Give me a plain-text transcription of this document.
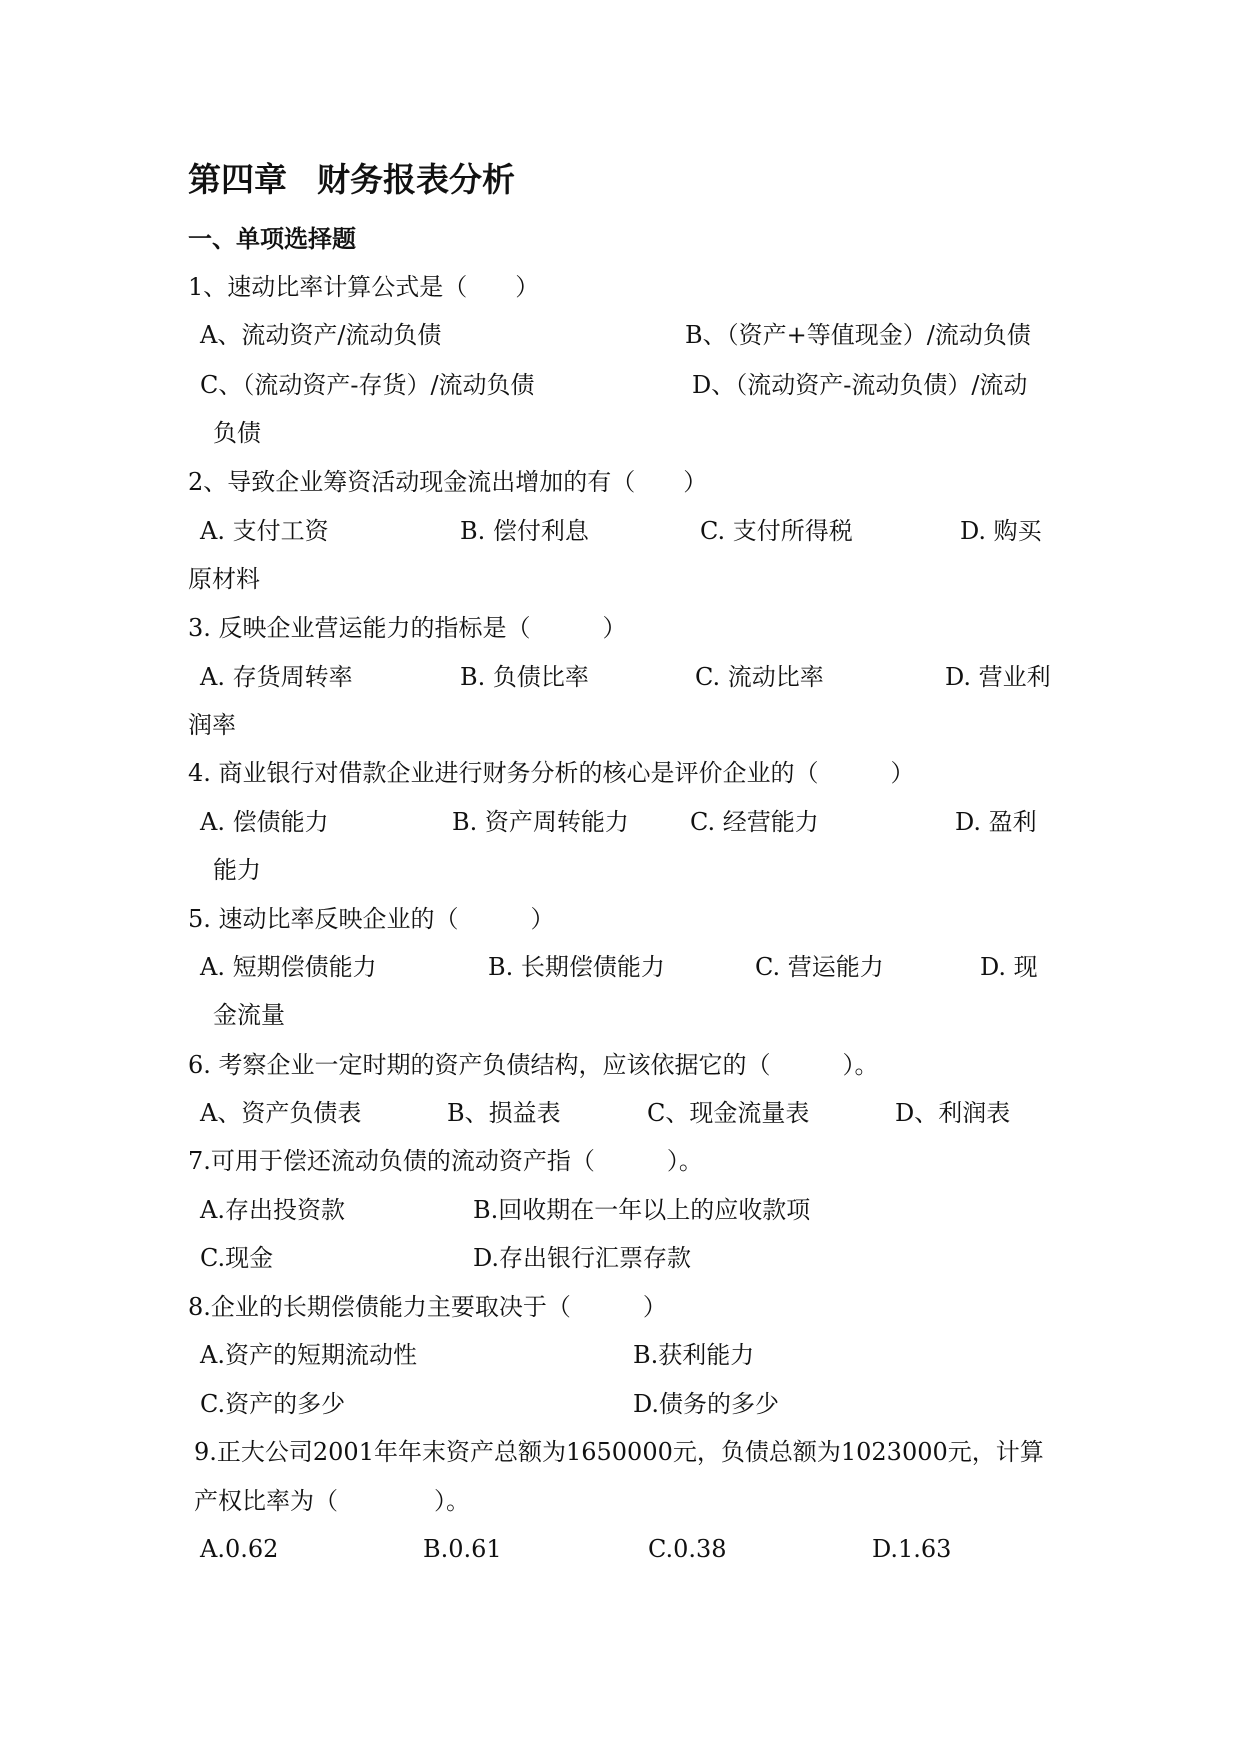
第四章 财务报表分析
一、单项选择题
1、速动比率计算公式是（　　）
A、流动资产/流动负债	B、（资产+等值现金）/流动负债
C、（流动资产-存货）/流动负债	D、（流动资产-流动负债）/流动
负债
2、导致企业筹资活动现金流出增加的有（　　）
A. 支付工资	B. 偿付利息	C. 支付所得税	D. 购买
原材料
3. 反映企业营运能力的指标是（　　　）
A. 存货周转率	B. 负债比率	C. 流动比率	D. 营业利
润率
4. 商业银行对借款企业进行财务分析的核心是评价企业的（　　　）
A. 偿债能力	B. 资产周转能力	C. 经营能力	D. 盈利
能力
5. 速动比率反映企业的（　　　）
A. 短期偿债能力	B. 长期偿债能力	C. 营运能力	D. 现
金流量
6. 考察企业一定时期的资产负债结构，应该依据它的（　　　）。
A、资产负债表	B、损益表	C、现金流量表	D、利润表
7.可用于偿还流动负债的流动资产指（　　　）。
A.存出投资款	B.回收期在一年以上的应收款项
C.现金	D.存出银行汇票存款
8.企业的长期偿债能力主要取决于（　　　）
A.资产的短期流动性	B.获利能力
C.资产的多少	D.债务的多少
9.正大公司2001年年末资产总额为1650000元，负债总额为1023000元，计算
产权比率为（　　　　）。
A.0.62	B.0.61	C.0.38	D.1.63
